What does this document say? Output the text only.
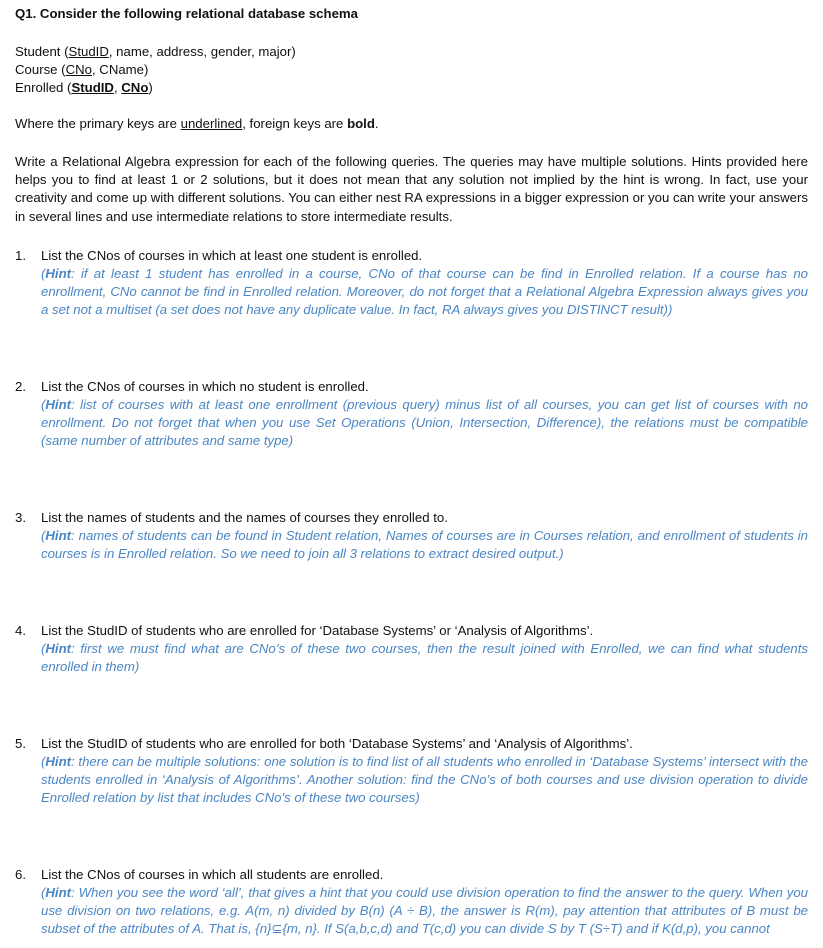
Q1. Consider the following relational database schema
Student (StudID, name, address, gender, major)
Course (CNo, CName)
Enrolled (StudID, CNo)
Where the primary keys are underlined, foreign keys are bold.
Write a Relational Algebra expression for each of the following queries. The queries may have multiple solutions. Hints provided here helps you to find at least 1 or 2 solutions, but it does not mean that any solution not implied by the hint is wrong. In fact, use your creativity and come up with different solutions. You can either nest RA expressions in a bigger expression or you can write your answers in several lines and use intermediate relations to store intermediate results.
1. List the CNos of courses in which at least one student is enrolled.
(Hint: if at least 1 student has enrolled in a course, CNo of that course can be find in Enrolled relation. If a course has no enrollment, CNo cannot be find in Enrolled relation. Moreover, do not forget that a Relational Algebra Expression always gives you a set not a multiset (a set does not have any duplicate value. In fact, RA always gives you DISTINCT result))
2. List the CNos of courses in which no student is enrolled.
(Hint: list of courses with at least one enrollment (previous query) minus list of all courses, you can get list of courses with no enrollment. Do not forget that when you use Set Operations (Union, Intersection, Difference), the relations must be compatible (same number of attributes and same type)
3. List the names of students and the names of courses they enrolled to.
(Hint: names of students can be found in Student relation, Names of courses are in Courses relation, and enrollment of students in courses is in Enrolled relation. So we need to join all 3 relations to extract desired output.)
4. List the StudID of students who are enrolled for ‘Database Systems’ or ‘Analysis of Algorithms’.
(Hint: first we must find what are CNo’s of these two courses, then the result joined with Enrolled, we can find what students enrolled in them)
5. List the StudID of students who are enrolled for both ‘Database Systems’ and ‘Analysis of Algorithms’.
(Hint: there can be multiple solutions: one solution is to find list of all students who enrolled in ‘Database Systems’ intersect with the students enrolled in ‘Analysis of Algorithms’. Another solution: find the CNo’s of both courses and use division operation to divide Enrolled relation by list that includes CNo’s of these two courses)
6. List the CNos of courses in which all students are enrolled.
(Hint: When you see the word ‘all’, that gives a hint that you could use division operation to find the answer to the query. When you use division on two relations, e.g. A(m, n) divided by B(n) (A ÷ B), the answer is R(m), pay attention that attributes of B must be subset of the attributes of A. That is, {n}⊆{m, n}. If S(a,b,c,d) and T(c,d) you can divide S by T (S÷T) and if K(d,p), you cannot
